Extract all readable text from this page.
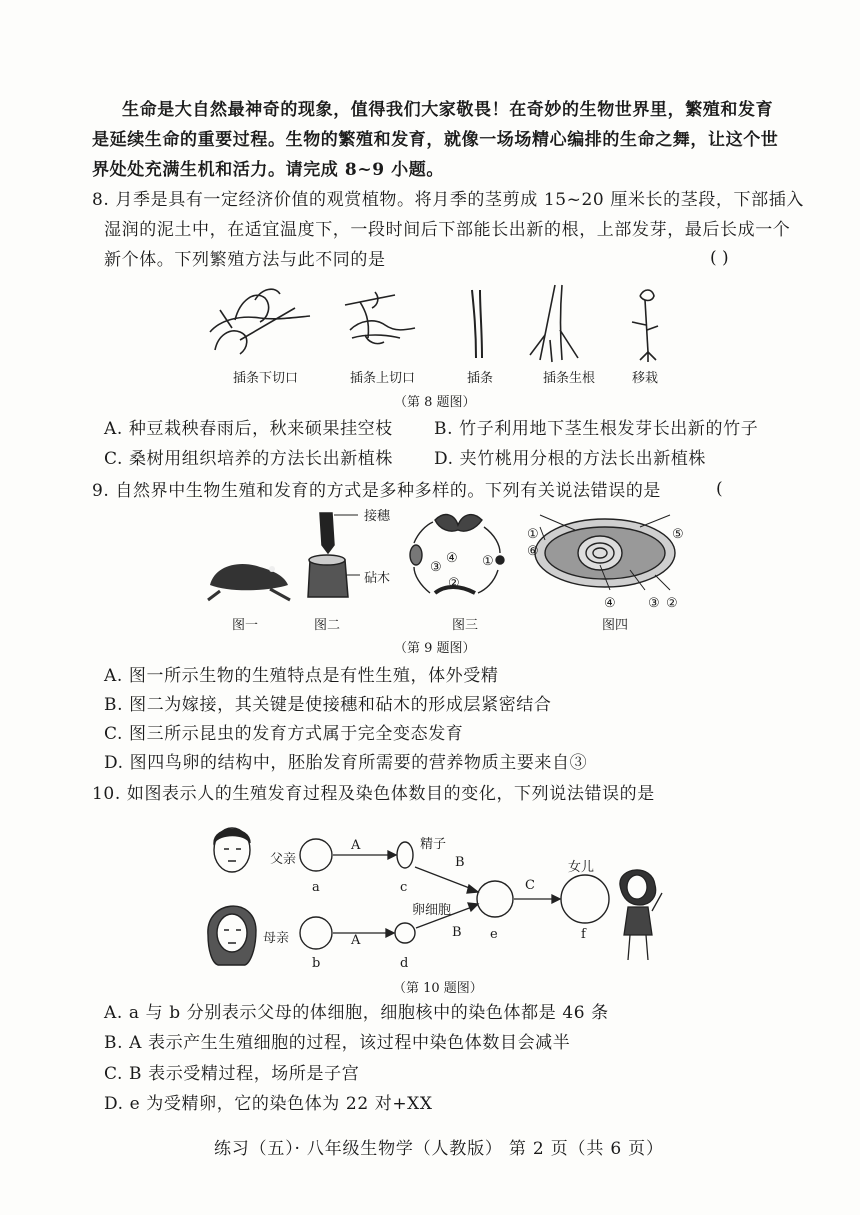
生命是大自然最神奇的现象，值得我们大家敬畏！在奇妙的生物世界里，繁殖和发育
是延续生命的重要过程。生物的繁殖和发育，就像一场场精心编排的生命之舞，让这个世
界处处充满生机和活力。请完成 8~9 小题。
8. 月季是具有一定经济价值的观赏植物。将月季的茎剪成 15~20 厘米长的茎段，下部插入
湿润的泥土中，在适宜温度下，一段时间后下部能长出新的根，上部发芽，最后长成一个
新个体。下列繁殖方法与此不同的是	( )
插条下切口	插条上切口	插条	插条生根	移栽
（第 8 题图）
A. 种豆栽秧春雨后，秋来硕果挂空枝 B. 竹子利用地下茎生根发芽长出新的竹子
C. 桑树用组织培养的方法长出新植株 D. 夹竹桃用分根的方法长出新植株
9. 自然界中生物生殖和发育的方式是多种多样的。下列有关说法错误的是	(
接穗
砧木
④ ①
②
③
①
⑥
⑤
④ ③ ②
图一	图二	图三	图四
（第 9 题图）
A. 图一所示生物的生殖特点是有性生殖，体外受精
B. 图二为嫁接，其关键是使接穗和砧木的形成层紧密结合
C. 图三所示昆虫的发育方式属于完全变态发育
D. 图四鸟卵的结构中，胚胎发育所需要的营养物质主要来自③
10. 如图表示人的生殖发育过程及染色体数目的变化，下列说法错误的是
父亲
母亲
A
A
精子
卵细胞
B
B
C
女儿
a
b
c
d
e	f
（第 10 题图）
A. a 与 b 分别表示父母的体细胞，细胞核中的染色体都是 46 条
B. A 表示产生生殖细胞的过程，该过程中染色体数目会减半
C. B 表示受精过程，场所是子宫
D. e 为受精卵，它的染色体为 22 对+XX
练习（五）· 八年级生物学（人教版） 第 2 页（共 6 页）
